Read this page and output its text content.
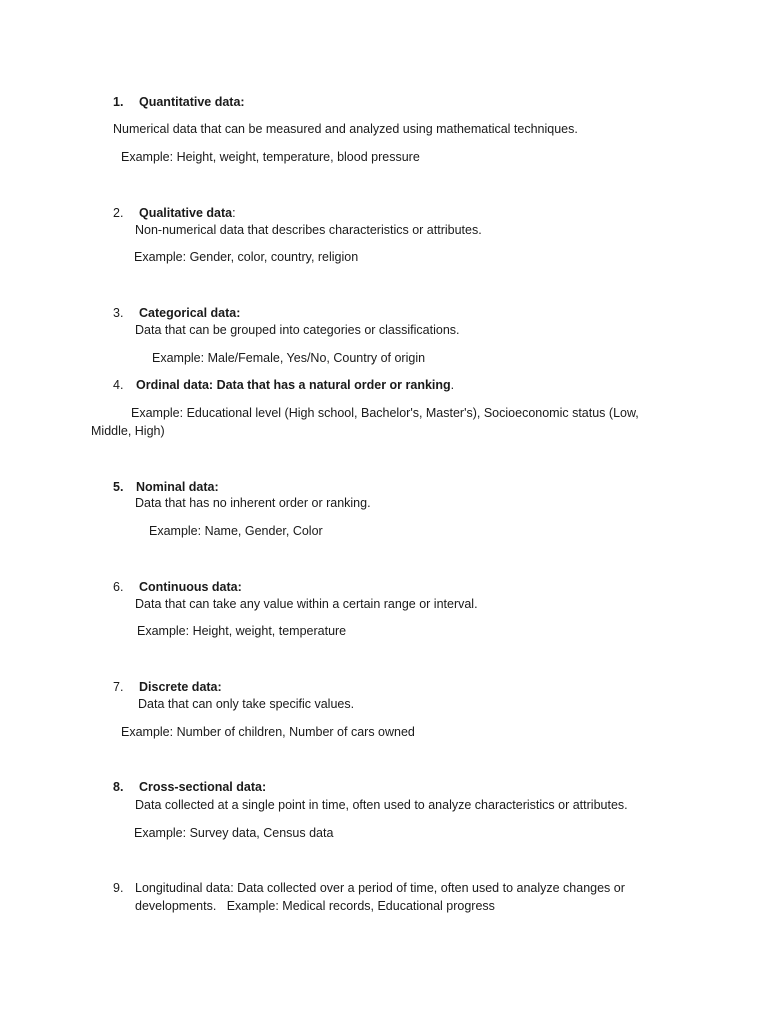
1. Quantitative data:
Numerical data that can be measured and analyzed using mathematical techniques.
Example: Height, weight, temperature, blood pressure
2. Qualitative data:
Non-numerical data that describes characteristics or attributes.
Example: Gender, color, country, religion
3. Categorical data:
Data that can be grouped into categories or classifications.
Example: Male/Female, Yes/No, Country of origin
4. Ordinal data: Data that has a natural order or ranking.
Example: Educational level (High school, Bachelor's, Master's), Socioeconomic status (Low,
Middle, High)
5. Nominal data:
Data that has no inherent order or ranking.
Example: Name, Gender, Color
6. Continuous data:
Data that can take any value within a certain range or interval.
Example: Height, weight, temperature
7. Discrete data:
Data that can only take specific values.
Example: Number of children, Number of cars owned
8. Cross-sectional data:
Data collected at a single point in time, often used to analyze characteristics or attributes.
Example: Survey data, Census data
9. Longitudinal data: Data collected over a period of time, often used to analyze changes or
developments.   Example: Medical records, Educational progress
